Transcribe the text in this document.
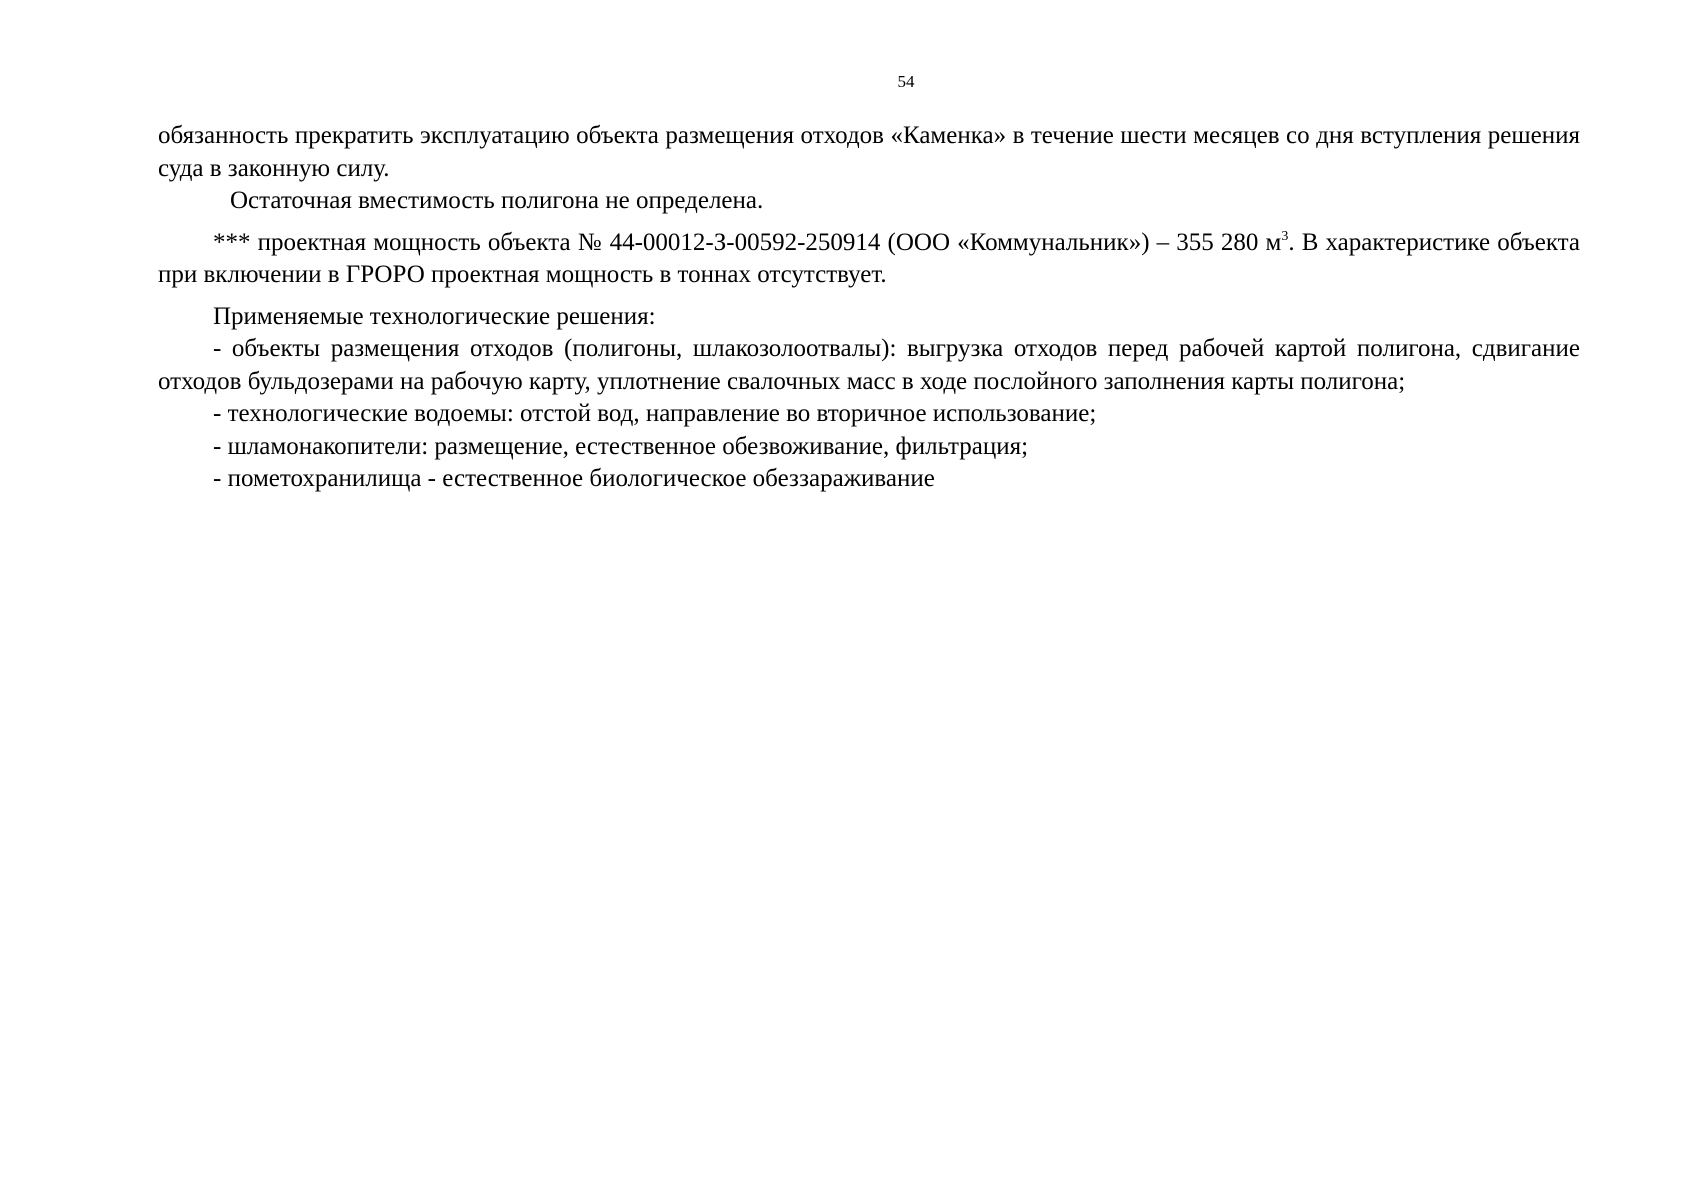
54

обязанность прекратить эксплуатацию объекта размещения отходов «Каменка» в течение шести месяцев со дня вступления решения суда в законную силу.

Остаточная вместимость полигона не определена.

*** проектная мощность объекта № 44-00012-З-00592-250914 (ООО «Коммунальник») – 355 280 $м^3$. В характеристике объекта при включении в ГРОРО проектная мощность в тоннах отсутствует.

Применяемые технологические решения:

- объекты размещения отходов (полигоны, шлакозолоотвалы): выгрузка отходов перед рабочей картой полигона, сдвигание отходов бульдозерами на рабочую карту, уплотнение свалочных масс в ходе послойного заполнения карты полигона;

- технологические водоемы: отстой вод, направление во вторичное использование;

- шламонакопители: размещение, естественное обезвоживание, фильтрация;

- пометохранилища - естественное биологическое обеззараживание
